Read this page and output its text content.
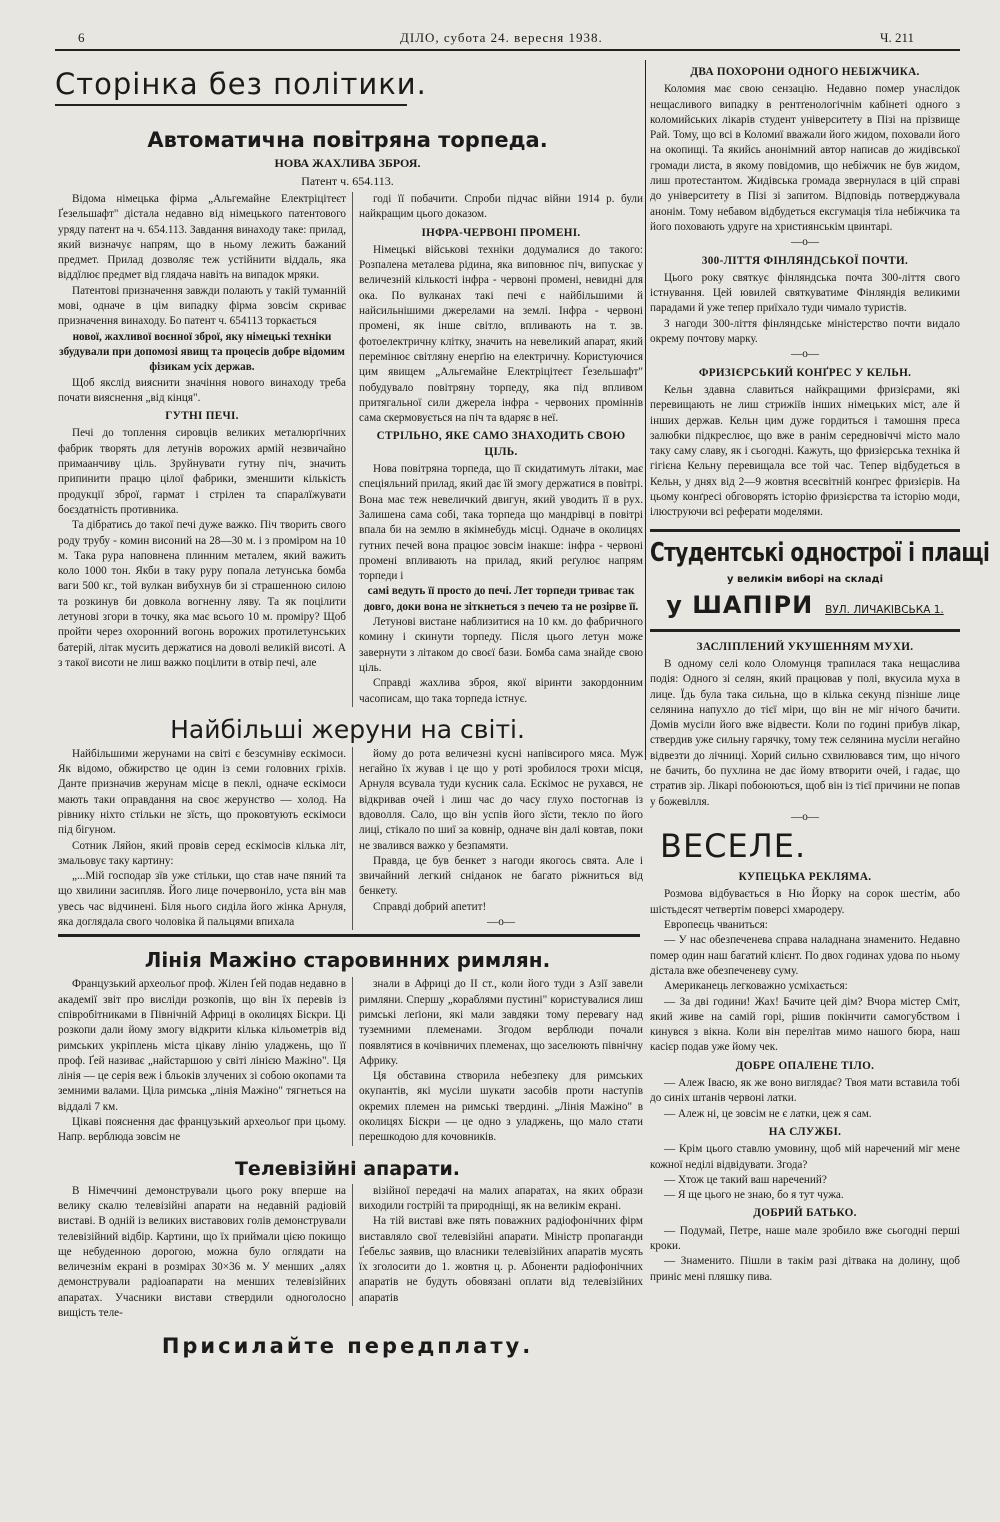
6	ДІЛО, субота 24. вересня 1938.	Ч. 211
Сторінка без політики.
Автоматична повітряна торпеда.
НОВА ЖАХЛИВА ЗБРОЯ.
Патент ч. 654.113.

Відома німецька фірма „Альгемайне Електріцітеєт Ґезельшафт" дістала недавно від німецького патентового уряду патент на ч. 654.113. Завдання винаходу таке: прилад, який визначує напрям, що в ньому лежить бажаний предмет. Прилад дозволяє теж устійнити віддаль, яка віддїлює предмет від глядача навіть на випадок мряки.

Патентові призначення завжди полають у такій туманній мові, одначе в цім випадку фірма зовсім скриває призначення винаходу. Бо патент ч. 654113 торкається

нової, жахливої воєнної зброї, яку німецькі техніки збудували при допомозі явищ та процесів добре відомим фізикам усіх держав.

Щоб якслід вияснити значіння нового винаходу треба почати вияснення „від кінця".

ГУТНІ ПЕЧІ.

Печі до топлення сировців великих металюрґічних фабрик творять для летунів ворожих армій незвичайно примаанчиву ціль. Зруйнувати гутну піч, значить припинити працю цілої фабрики, зменшити кількість продукції зброї, гармат і стрілен та спаралїжувати боєздатність противника.

Та дібратись до такої печі дуже важко. Піч творить свого роду трубу - комин висоний на 28—30 м. і з проміром на 10 м. Така рура наповнена плинним металем, який важить коло 1000 тон. Якби в таку руру попала летунська бомба ваги 500 кг., той вулкан вибухнув би зі страшенною силою та розкинув би довкола вогненну ляву. Та як поцілити летунові згори в точку, яка має всього 10 м. проміру? Щоб пройти через охоронний вогонь ворожих протилетунських батерій, літак мусить держатися на доволі великій висоті. А з такої висоти не лиш важко поцілити в отвір печі, але

годі її побачити. Спроби підчас війни 1914 р. були найкращим цього доказом.

ІНФРА-ЧЕРВОНІ ПРОМЕНІ.

Німецькі військові техніки додумалися до такого: Розпалена металева рідина, яка виповнює піч, випускає у величезній кількості інфра - червоні промені, невидні для ока. По вулканах такі печі є найбільшими й найсильнішими джерелами на землі. Інфра - червоні промені, як інше світло, впливають на т. зв. фотоелектричну клітку, значить на невеликий апарат, який перемінює світляну енерґію на електричну. Користуючися цим явищем „Альгемайне Електріцітеєт Ґезельшафт" побудувало повітряну торпеду, яка під впливом притягальної сили джерела інфра - червоних проміннів сама скермовується на піч та вдаряє в неї.

СТРІЛЬНО, ЯКЕ САМО ЗНАХОДИТЬ СВОЮ ЦІЛЬ.

Нова повітряна торпеда, що її скидатимуть літаки, має спеціяльний прилад, який дає їй змогу держатися в повітрі. Вона має теж невеличкий двигун, який уводить її в рух. Залишена сама собі, така торпеда що мандрівці в повітрі впала би на землю в якімнебудь місці. Одначе в околицях гутних печей вона працює зовсім інакше: інфра - червоні промені впливають на прилад, який реґулює напрям торпеди і

самі ведуть її просто до печі. Лет торпеди триває так довго, доки вона не зіткнеться з печею та не розірве її.

Летунові вистане наблизитися на 10 км. до фабричного комину і скинути торпеду. Після цього летун може завернути з літаком до своєї бази. Бомба сама знайде свою ціль.

Справді жахлива зброя, якої віринти закордонним часописам, що така торпеда істнує.

Найбільші жеруни на світі.

Найбільшими жерунами на світі є безсумніву ескімоси. Як відомо, обжирство це один із семи головних гріхів. Данте призначив жерунам місце в пеклі, одначе ескімоси мають таки оправдання на своє жерунство — холод. На рівнику ніхто стільки не зїсть, що проковтують ескімоси під бігуном.

Сотник Ляйон, який провів серед ескімосів кілька літ, змальовує таку картину:

„...Мій господар зїв уже стільки, що став наче пяний та що хвилини засипляв. Його лице почервоніло, уста він мав увесь час відчинені. Біля нього сиділа його жінка Арнуля, яка доглядала свого чоловіка й пальцями впихала

йому до рота величезні кусні напівсирого мяса. Муж негайно їх жував і це що у роті зробилося трохи місця, Арнуля всувала туди кусник сала. Ескімос не рухався, не відкривав очей і лиш час до часу глухо постогнав із вдоволля. Сало, що він успів його зїсти, текло по його лиці, стікало по шиї за ковнір, одначе він далі ковтав, поки не звалився важко у безпамяти.

Правда, це був бенкет з нагоди якогось свята. Але і звичайний легкий сніданок не багато ріжниться від бенкету.

Справді добрий апетит!

—o—

Лінія Мажіно старовинних римлян.

Французький археольоґ проф. Жілен Ґей подав недавно в академії звіт про висліди розкопів, що він їх перевів із співробітниками в Північній Африці в околицях Біскри. Ці розкопи дали йому змогу відкрити кілька кільометрів від римських укріплень міста цікаву лінію уладжень, що її проф. Ґей називає „найстаршою у світі лінією Мажіно". Ця лінія — це серія веж і бльоків злучених зі собою окопами та земними валами. Ціла римська „лінія Мажіно" тягнеться на віддалі 7 км.

Цікаві пояснення дає французький археольоґ при цьому. Напр. верблюда зовсім не

знали в Африці до II ст., коли його туди з Азії завели римляни. Спершу „кораблями пустині" користувалися лиш римські леґіони, які мали завдяки тому перевагу над туземними племенами. Згодом верблюди почали появлятися в кочівничих племенах, що заселюють північну Африку.

Ця обставина створила небезпеку для римських окупантів, які мусіли шукати засобів проти наступів окремих племен на римські твердині. „Лінія Мажіно" в околицях Біскри — це одно з уладжень, що мало стати перешкодою для кочовників.

Телевізійні апарати.

В Німеччині демонстрували цього року вперше на велику скалю телевізійні апарати на недавній радіовій виставі. В одній із великих виставових голів демонстрували телевізійний відбір. Картини, що їх приймали цією покищо ще небуденною дорогою, можна було оглядати на величезнім екрані в розмірах 30×36 м. У менших „алях демонстрували радіоапарати на менших телевізійних апаратах. Учасники вистави ствердили одноголосно вищість теле-

візійної передачі на малих апаратах, на яких образи виходили гострійі та природніщі, як на великім екрані.

На тій виставі вже пять поважних радіофонічних фірм виставляло свої телевізійні апарати. Міністр пропаганди Ґебельс заявив, що власники телевізійних апаратів мусять їх зголосити до 1. жовтня ц. р. Абоненти радіофонічних апаратів не будуть обовязані оплати від телевізійних апаратів

Присилайте передплату.
ДВА ПОХОРОНИ ОДНОГО НЕБІЖЧИКА.

Коломия має свою сензацію. Недавно помер унаслідок нещасливого випадку в рентґенологічнім кабінеті одного з коломийських лікарів студент університету в Пізі на прізвище Рай. Тому, що всі в Коломиї вважали його жидом, поховали його на окопищі. Та якийсь анонімний автор написав до жидівської громади листа, в якому повідомив, що небіжчик не був жидом, лиш протестантом. Жидівська громада звернулася в цій справі до університету в Пізі зі запитом. Відповідь потверджувала анонім. Тому небавом відбудеться ексгумація тіла небіжчика та його поховають удруге на християнськім цвинтарі.

—o—

300-ЛІТТЯ ФІНЛЯНДСЬКОЇ ПОЧТИ.

Цього року святкує фінляндська почта 300-ліття свого істнування. Цей ювилей святкуватиме Фінляндія великими парадами й уже тепер приїхало туди чимало туристів.

З нагоди 300-ліття фінляндське міністерство почти видало окрему почтову марку.

—o—

ФРИЗІЄРСЬКИЙ КОНҐРЕС У КЕЛЬН.

Кельн здавна славиться найкращими фризієрами, які перевищають не лиш стрижіїв інших німецьких міст, але й інших держав. Кельн цим дуже гордиться і тамошня преса залюбки підкреслює, що вже в ранім середновіччі місто мало таку саму славу, як і сьогодні. Кажуть, що фризієрська техніка й гігієна Кельну перевищала все той час. Тепер відбудеться в Кельн, у днях від 2—9 жовтня всесвітній конґрес фризієрів. На цьому конґресі обговорять історію фризієрства та історію моди, ілюструючи всі реферати моделями.

Студентські однострої і плащі
у великім виборі на складі
у ШАПІРИ ВУЛ. ЛИЧАКІВСЬКА 1.
ЗАСЛІПЛЕНИЙ УКУШЕННЯМ МУХИ.

В одному селі коло Оломунця трапилася така нещаслива подія: Одного зі селян, який працював у полі, вкусила муха в лице. Їдь була така сильна, що в кілька секунд пізніше лице селянина напухло до тієї міри, що він не міг нічого бачити. Домів мусіли його вже відвести. Коли по годині прибув лікар, ствердив уже сильну гарячку, тому теж селянина мусіли негайно відвезти до лічниці. Хорий сильно схвилювався тим, що нічого не бачить, бо пухлина не дає йому втворити очей, і гадає, що стратив зір. Лікарі побоюються, щоб він із тієї причини не попав у божевілля.

—o—

ВЕСЕЛЕ.
КУПЕЦЬКА РЕКЛЯМА.

Розмова відбувається в Ню Йорку на сорок шестім, або шістьдесят четвертім поверсі хмародеру.

Европеєць чваниться:

— У нас обезпеченева справа наладнана знаменито. Недавно помер один наш багатий клієнт. По двох годинах удова по ньому дістала вже обезпеченеву суму.

Американець легковажно усміхається:

— За дві години! Жах! Бачите цей дім? Вчора містер Сміт, який живе на самій горі, рішив покінчити самогубством і кинувся з вікна. Коли він перелітав мимо нашого бюра, наш касієр подав уже йому чек.

ДОБРЕ ОПАЛЕНЕ ТІЛО.

— Алеж Івасю, як же воно виглядає? Твоя мати вставила тобі до синіх штанів червоні латки.

— Алеж ні, це зовсім не є латки, цеж я сам.

НА СЛУЖБІ.

— Крім цього ставлю умовину, щоб мій наречений міг мене кожної неділі відвідувати. Згода?

— Хтож це такий ваш наречений?

— Я ще цього не знаю, бо я тут чужа.

ДОБРИЙ БАТЬКО.

— Подумай, Петре, наше мале зробило вже сьогодні перші кроки.

— Знаменито. Пішли в такім разі дітвака на долину, щоб приніс мені пляшку пива.
